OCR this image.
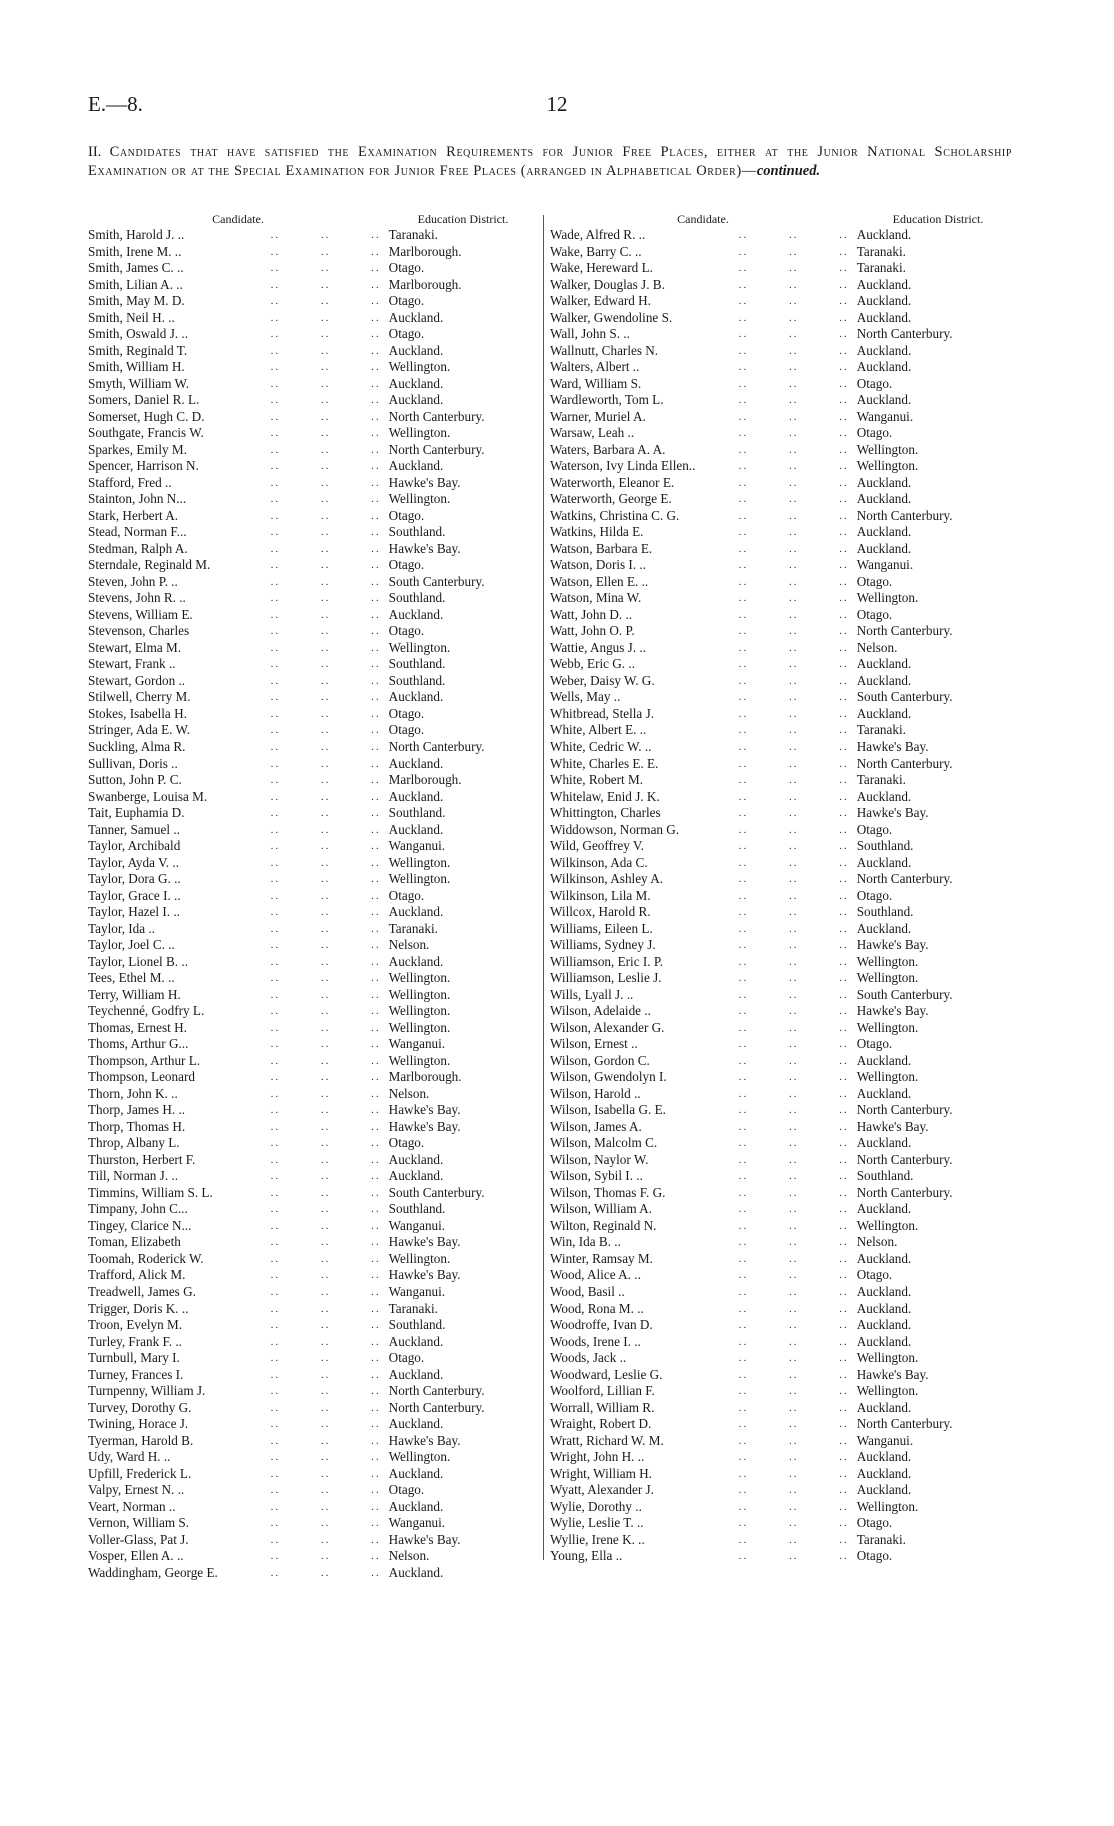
E.—8.	12
II. Candidates that have satisfied the Examination Requirements for Junior Free Places, either at the Junior National Scholarship Examination or at the Special Examination for Junior Free Places (arranged in Alphabetical Order)—continued.
Candidate.	Education District.
Smith, Harold J. .. .. .. ..	Taranaki.
Smith, Irene M. .. .. .. ..	Marlborough.
Smith, James C. .. .. .. ..	Otago.
Smith, Lilian A. .. .. .. ..	Marlborough.
Smith, May M. D. .. .. ..	Otago.
Smith, Neil H. .. .. .. ..	Auckland.
Smith, Oswald J. .. .. .. ..	Otago.
Smith, Reginald T. .. .. ..	Auckland.
Smith, William H. .. .. ..	Wellington.
Smyth, William W. .. .. ..	Auckland.
Somers, Daniel R. L. .. .. ..	Auckland.
Somerset, Hugh C. D. .. .. ..	North Canterbury.
Southgate, Francis W. .. .. ..	Wellington.
Sparkes, Emily M. .. .. ..	North Canterbury.
Spencer, Harrison N. .. .. ..	Auckland.
Stafford, Fred .. .. .. ..	Hawke's Bay.
Stainton, John N... .. .. ..	Wellington.
Stark, Herbert A. .. .. ..	Otago.
Stead, Norman F... .. .. ..	Southland.
Stedman, Ralph A. .. .. ..	Hawke's Bay.
Sterndale, Reginald M. .. .. ..	Otago.
Steven, John P. .. .. .. ..	South Canterbury.
Stevens, John R. .. .. .. ..	Southland.
Stevens, William E. .. .. ..	Auckland.
Stevenson, Charles .. .. ..	Otago.
Stewart, Elma M. .. .. ..	Wellington.
Stewart, Frank .. .. .. ..	Southland.
Stewart, Gordon .. .. .. ..	Southland.
Stilwell, Cherry M. .. .. ..	Auckland.
Stokes, Isabella H. .. .. ..	Otago.
Stringer, Ada E. W. .. .. ..	Otago.
Suckling, Alma R. .. .. ..	North Canterbury.
Sullivan, Doris .. .. .. ..	Auckland.
Sutton, John P. C. .. .. ..	Marlborough.
Swanberge, Louisa M. .. .. ..	Auckland.
Tait, Euphamia D. .. .. ..	Southland.
Tanner, Samuel .. .. .. ..	Auckland.
Taylor, Archibald .. .. ..	Wanganui.
Taylor, Ayda V. .. .. .. ..	Wellington.
Taylor, Dora G. .. .. .. ..	Wellington.
Taylor, Grace I. .. .. .. ..	Otago.
Taylor, Hazel I. .. .. .. ..	Auckland.
Taylor, Ida .. .. .. ..	Taranaki.
Taylor, Joel C. .. .. .. ..	Nelson.
Taylor, Lionel B. .. .. .. ..	Auckland.
Tees, Ethel M. .. .. .. ..	Wellington.
Terry, William H. .. .. ..	Wellington.
Teychenné, Godfry L. .. .. ..	Wellington.
Thomas, Ernest H. .. .. ..	Wellington.
Thoms, Arthur G... .. .. ..	Wanganui.
Thompson, Arthur L. .. .. ..	Wellington.
Thompson, Leonard .. .. ..	Marlborough.
Thorn, John K. .. .. .. ..	Nelson.
Thorp, James H. .. .. .. ..	Hawke's Bay.
Thorp, Thomas H. .. .. ..	Hawke's Bay.
Throp, Albany L. .. .. ..	Otago.
Thurston, Herbert F. .. .. ..	Auckland.
Till, Norman J. .. .. .. ..	Auckland.
Timmins, William S. L. .. .. ..	South Canterbury.
Timpany, John C... .. .. ..	Southland.
Tingey, Clarice N... .. .. ..	Wanganui.
Toman, Elizabeth .. .. ..	Hawke's Bay.
Toomah, Roderick W. .. .. ..	Wellington.
Trafford, Alick M. .. .. ..	Hawke's Bay.
Treadwell, James G. .. .. ..	Wanganui.
Trigger, Doris K. .. .. .. ..	Taranaki.
Troon, Evelyn M. .. .. ..	Southland.
Turley, Frank F. .. .. .. ..	Auckland.
Turnbull, Mary I. .. .. ..	Otago.
Turney, Frances I. .. .. ..	Auckland.
Turnpenny, William J. .. .. ..	North Canterbury.
Turvey, Dorothy G. .. .. ..	North Canterbury.
Twining, Horace J. .. .. ..	Auckland.
Tyerman, Harold B. .. .. ..	Hawke's Bay.
Udy, Ward H. .. .. .. ..	Wellington.
Upfill, Frederick L. .. .. ..	Auckland.
Valpy, Ernest N. .. .. .. ..	Otago.
Veart, Norman .. .. .. ..	Auckland.
Vernon, William S. .. .. ..	Wanganui.
Voller-Glass, Pat J. .. .. ..	Hawke's Bay.
Vosper, Ellen A. .. .. .. ..	Nelson.
Waddingham, George E. .. .. ..	Auckland.
Candidate.	Education District.
Wade, Alfred R. .. .. .. ..	Auckland.
Wake, Barry C. .. .. .. ..	Taranaki.
Wake, Hereward L. .. .. ..	Taranaki.
Walker, Douglas J. B. .. .. ..	Auckland.
Walker, Edward H. .. .. ..	Auckland.
Walker, Gwendoline S. .. .. ..	Auckland.
Wall, John S. .. .. .. ..	North Canterbury.
Wallnutt, Charles N. .. .. ..	Auckland.
Walters, Albert .. .. .. ..	Auckland.
Ward, William S. .. .. ..	Otago.
Wardleworth, Tom L. .. .. ..	Auckland.
Warner, Muriel A. .. .. ..	Wanganui.
Warsaw, Leah .. .. .. ..	Otago.
Waters, Barbara A. A. .. .. ..	Wellington.
Waterson, Ivy Linda Ellen.. .. .. ..	Wellington.
Waterworth, Eleanor E. .. .. ..	Auckland.
Waterworth, George E. .. .. ..	Auckland.
Watkins, Christina C. G. .. .. ..	North Canterbury.
Watkins, Hilda E. .. .. ..	Auckland.
Watson, Barbara E. .. .. ..	Auckland.
Watson, Doris I. .. .. .. ..	Wanganui.
Watson, Ellen E. .. .. .. ..	Otago.
Watson, Mina W. .. .. ..	Wellington.
Watt, John D. .. .. .. ..	Otago.
Watt, John O. P. .. .. ..	North Canterbury.
Wattie, Angus J. .. .. .. ..	Nelson.
Webb, Eric G. .. .. .. ..	Auckland.
Weber, Daisy W. G. .. .. ..	Auckland.
Wells, May .. .. .. ..	South Canterbury.
Whitbread, Stella J. .. .. ..	Auckland.
White, Albert E. .. .. .. ..	Taranaki.
White, Cedric W. .. .. .. ..	Hawke's Bay.
White, Charles E. E. .. .. ..	North Canterbury.
White, Robert M. .. .. ..	Taranaki.
Whitelaw, Enid J. K. .. .. ..	Auckland.
Whittington, Charles .. .. ..	Hawke's Bay.
Widdowson, Norman G. .. .. ..	Otago.
Wild, Geoffrey V. .. .. ..	Southland.
Wilkinson, Ada C. .. .. ..	Auckland.
Wilkinson, Ashley A. .. .. ..	North Canterbury.
Wilkinson, Lila M. .. .. ..	Otago.
Willcox, Harold R. .. .. ..	Southland.
Williams, Eileen L. .. .. ..	Auckland.
Williams, Sydney J. .. .. ..	Hawke's Bay.
Williamson, Eric I. P. .. .. ..	Wellington.
Williamson, Leslie J. .. .. ..	Wellington.
Wills, Lyall J. .. .. .. ..	South Canterbury.
Wilson, Adelaide .. .. .. ..	Hawke's Bay.
Wilson, Alexander G. .. .. ..	Wellington.
Wilson, Ernest .. .. .. ..	Otago.
Wilson, Gordon C. .. .. ..	Auckland.
Wilson, Gwendolyn I. .. .. ..	Wellington.
Wilson, Harold .. .. .. ..	Auckland.
Wilson, Isabella G. E. .. .. ..	North Canterbury.
Wilson, James A. .. .. ..	Hawke's Bay.
Wilson, Malcolm C. .. .. ..	Auckland.
Wilson, Naylor W. .. .. ..	North Canterbury.
Wilson, Sybil I. .. .. .. ..	Southland.
Wilson, Thomas F. G. .. .. ..	North Canterbury.
Wilson, William A. .. .. ..	Auckland.
Wilton, Reginald N. .. .. ..	Wellington.
Win, Ida B. .. .. .. ..	Nelson.
Winter, Ramsay M. .. .. ..	Auckland.
Wood, Alice A. .. .. .. ..	Otago.
Wood, Basil .. .. .. ..	Auckland.
Wood, Rona M. .. .. .. ..	Auckland.
Woodroffe, Ivan D. .. .. ..	Auckland.
Woods, Irene I. .. .. .. ..	Auckland.
Woods, Jack .. .. .. ..	Wellington.
Woodward, Leslie G. .. .. ..	Hawke's Bay.
Woolford, Lillian F. .. .. ..	Wellington.
Worrall, William R. .. .. ..	Auckland.
Wraight, Robert D. .. .. ..	North Canterbury.
Wratt, Richard W. M. .. .. ..	Wanganui.
Wright, John H. .. .. .. ..	Auckland.
Wright, William H. .. .. ..	Auckland.
Wyatt, Alexander J. .. .. ..	Auckland.
Wylie, Dorothy .. .. .. ..	Wellington.
Wylie, Leslie T. .. .. .. ..	Otago.
Wyllie, Irene K. .. .. .. ..	Taranaki.
Young, Ella .. .. .. ..	Otago.
